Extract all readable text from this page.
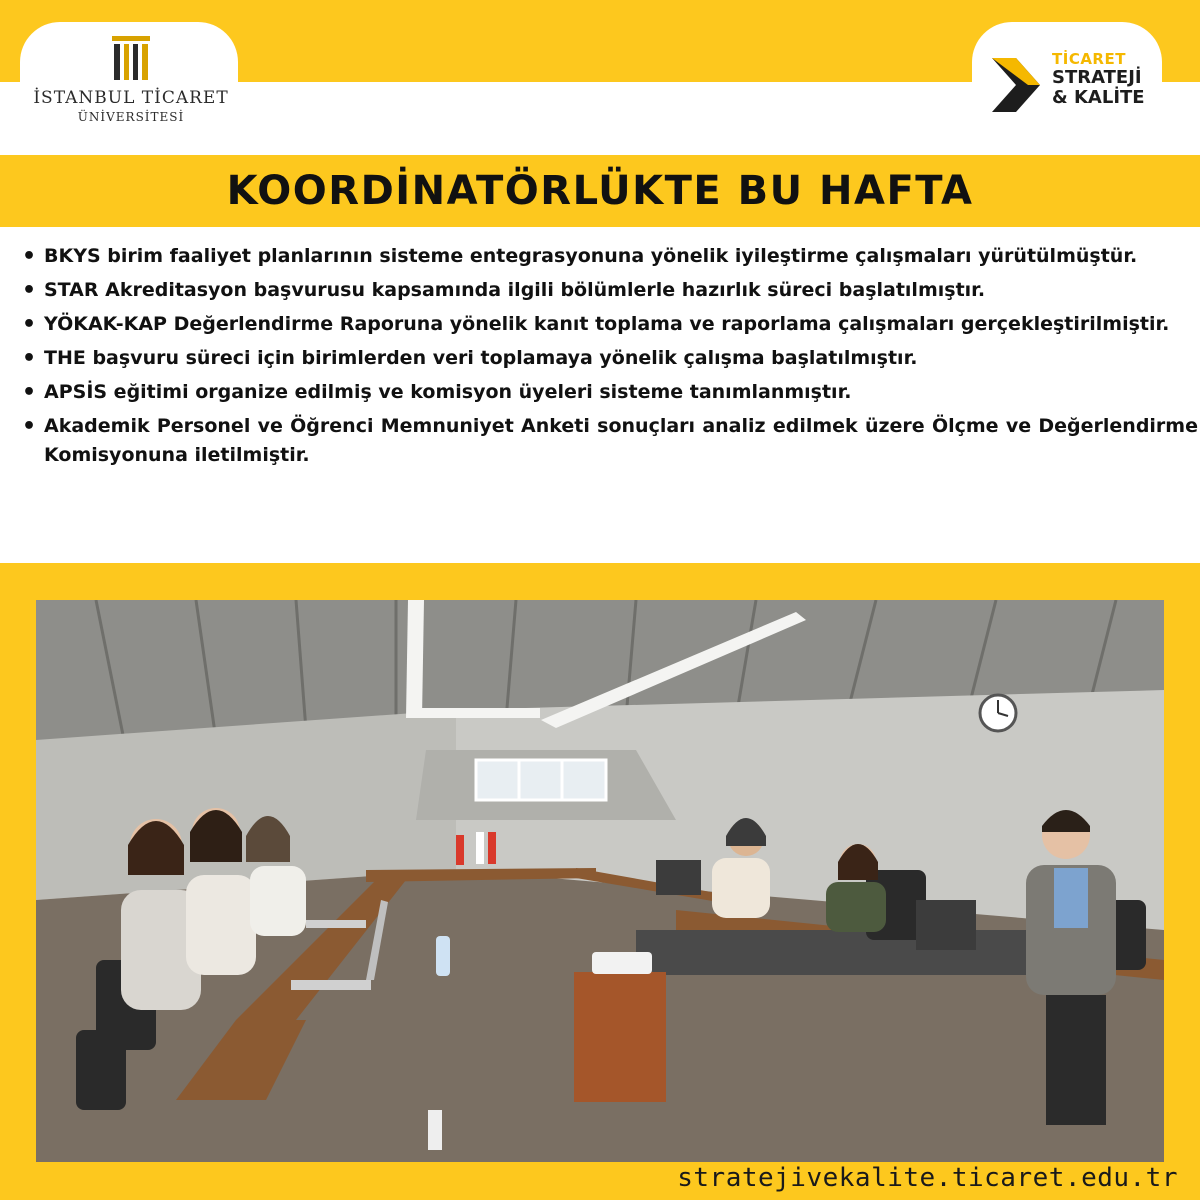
İSTANBUL TİCARET
ÜNİVERSİTESİ
TİCARET
STRATEJİ
& KALİTE
KOORDİNATÖRLÜKTE BU HAFTA
• BKYS birim faaliyet planlarının sisteme entegrasyonuna yönelik iyileştirme çalışmaları yürütülmüştür.
• STAR Akreditasyon başvurusu kapsamında ilgili bölümlerle hazırlık süreci başlatılmıştır.
• YÖKAK-KAP Değerlendirme Raporuna yönelik kanıt toplama ve raporlama çalışmaları gerçekleştirilmiştir.
• THE başvuru süreci için birimlerden veri toplamaya yönelik çalışma başlatılmıştır.
• APSİS eğitimi organize edilmiş ve komisyon üyeleri sisteme tanımlanmıştır.
• Akademik Personel ve Öğrenci Memnuniyet Anketi sonuçları analiz edilmek üzere Ölçme ve Değerlendirme Komisyonuna iletilmiştir.
stratejivekalite.ticaret.edu.tr
